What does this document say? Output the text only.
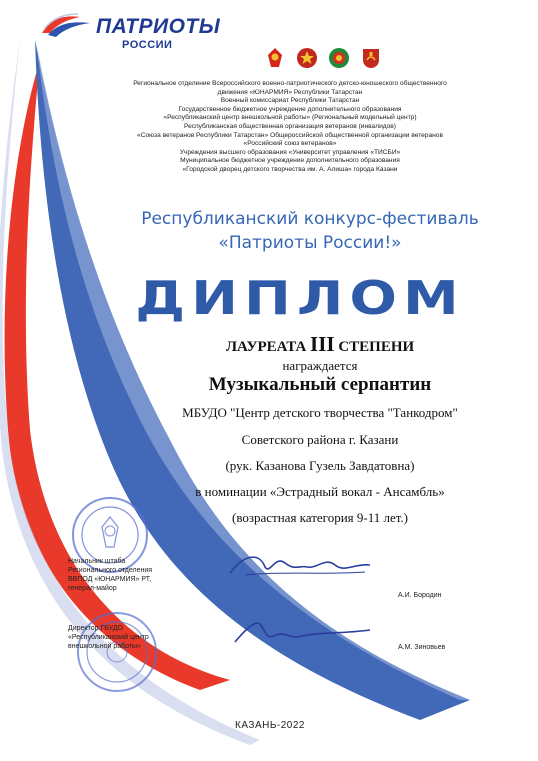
ПАТРИОТЫ
РОССИИ
Региональное отделение Всероссийского военно-патриотического детско-юношеского общественного
движения «ЮНАРМИЯ» Республики Татарстан
Военный комиссариат Республики Татарстан
Государственное бюджетное учреждение дополнительного образования
«Республиканский центр внешкольной работы» (Региональный модельный центр)
Республиканская общественная организация ветеранов (инвалидов)
«Союза ветеранов Республики Татарстан» Общероссийской общественной организации ветеранов
«Российский союз ветеранов»
Учреждения высшего образования «Университет управления «ТИСБИ»
Муниципальное бюджетное учреждение дополнительного образования
«Городской дворец детского творчества им. А. Алиша» города Казани
Республиканский конкурс-фестиваль
«Патриоты России!»
ДИПЛОМ
ЛАУРЕАТА III СТЕПЕНИ
награждается
Музыкальный серпантин
МБУДО "Центр детского творчества "Танкодром"
Советского района г. Казани
(рук. Казанова Гузель Завдатовна)
в номинации «Эстрадный вокал - Ансамбль»
(возрастная категория 9-11 лет.)
Начальник штаба
Регионального отделения
ВВПОД «ЮНАРМИЯ» РТ,
генерал-майор
А.И. Бородин
Директор ГБУДО
«Республиканский центр
внешкольной работы»	А.М. Зиновьев
КАЗАНЬ-2022
